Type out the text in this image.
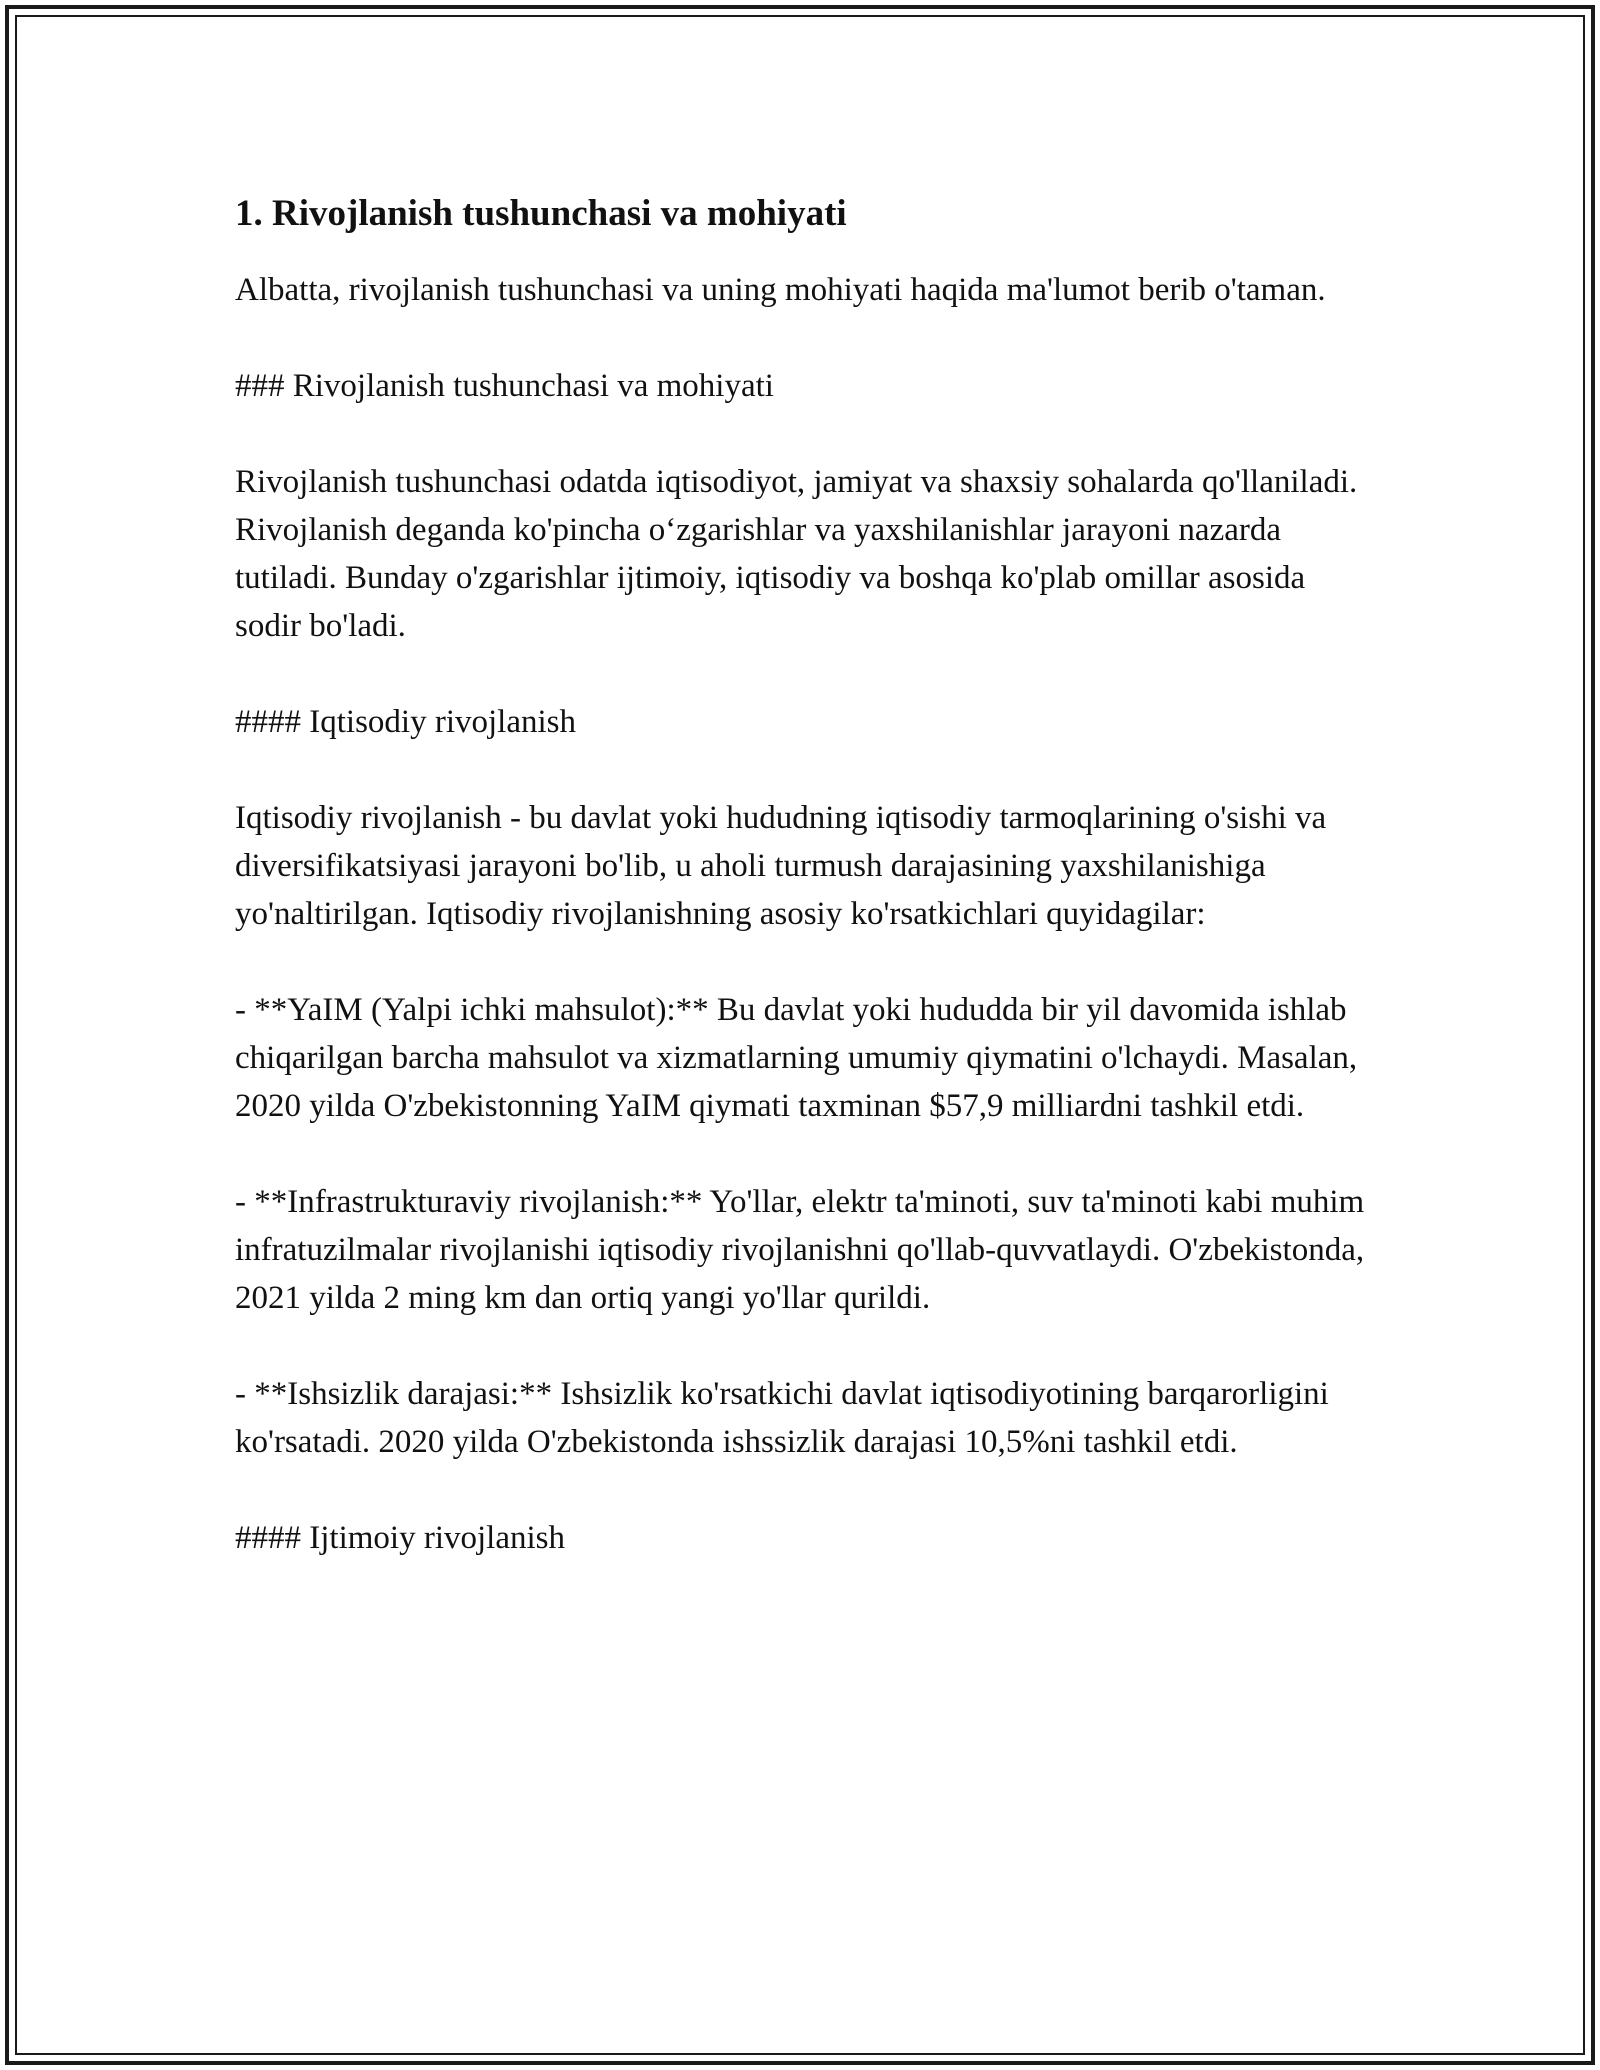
1. Rivojlanish tushunchasi va mohiyati

Albatta, rivojlanish tushunchasi va uning mohiyati haqida ma'lumot berib o'taman.

### Rivojlanish tushunchasi va mohiyati

Rivojlanish tushunchasi odatda iqtisodiyot, jamiyat va shaxsiy sohalarda qo'llaniladi. Rivojlanish deganda ko'pincha o‘zgarishlar va yaxshilanishlar jarayoni nazarda tutiladi. Bunday o'zgarishlar ijtimoiy, iqtisodiy va boshqa ko'plab omillar asosida sodir bo'ladi.

#### Iqtisodiy rivojlanish

Iqtisodiy rivojlanish - bu davlat yoki hududning iqtisodiy tarmoqlarining o'sishi va diversifikatsiyasi jarayoni bo'lib, u aholi turmush darajasining yaxshilanishiga yo'naltirilgan. Iqtisodiy rivojlanishning asosiy ko'rsatkichlari quyidagilar:

- **YaIM (Yalpi ichki mahsulot):** Bu davlat yoki hududda bir yil davomida ishlab chiqarilgan barcha mahsulot va xizmatlarning umumiy qiymatini o'lchaydi. Masalan, 2020 yilda O'zbekistonning YaIM qiymati taxminan $57,9 milliardni tashkil etdi.

- **Infrastrukturaviy rivojlanish:** Yo'llar, elektr ta'minoti, suv ta'minoti kabi muhim infratuzilmalar rivojlanishi iqtisodiy rivojlanishni qo'llab-quvvatlaydi. O'zbekistonda, 2021 yilda 2 ming km dan ortiq yangi yo'llar qurildi.

- **Ishsizlik darajasi:** Ishsizlik ko'rsatkichi davlat iqtisodiyotining barqarorligini ko'rsatadi. 2020 yilda O'zbekistonda ishssizlik darajasi 10,5%ni tashkil etdi.

#### Ijtimoiy rivojlanish
